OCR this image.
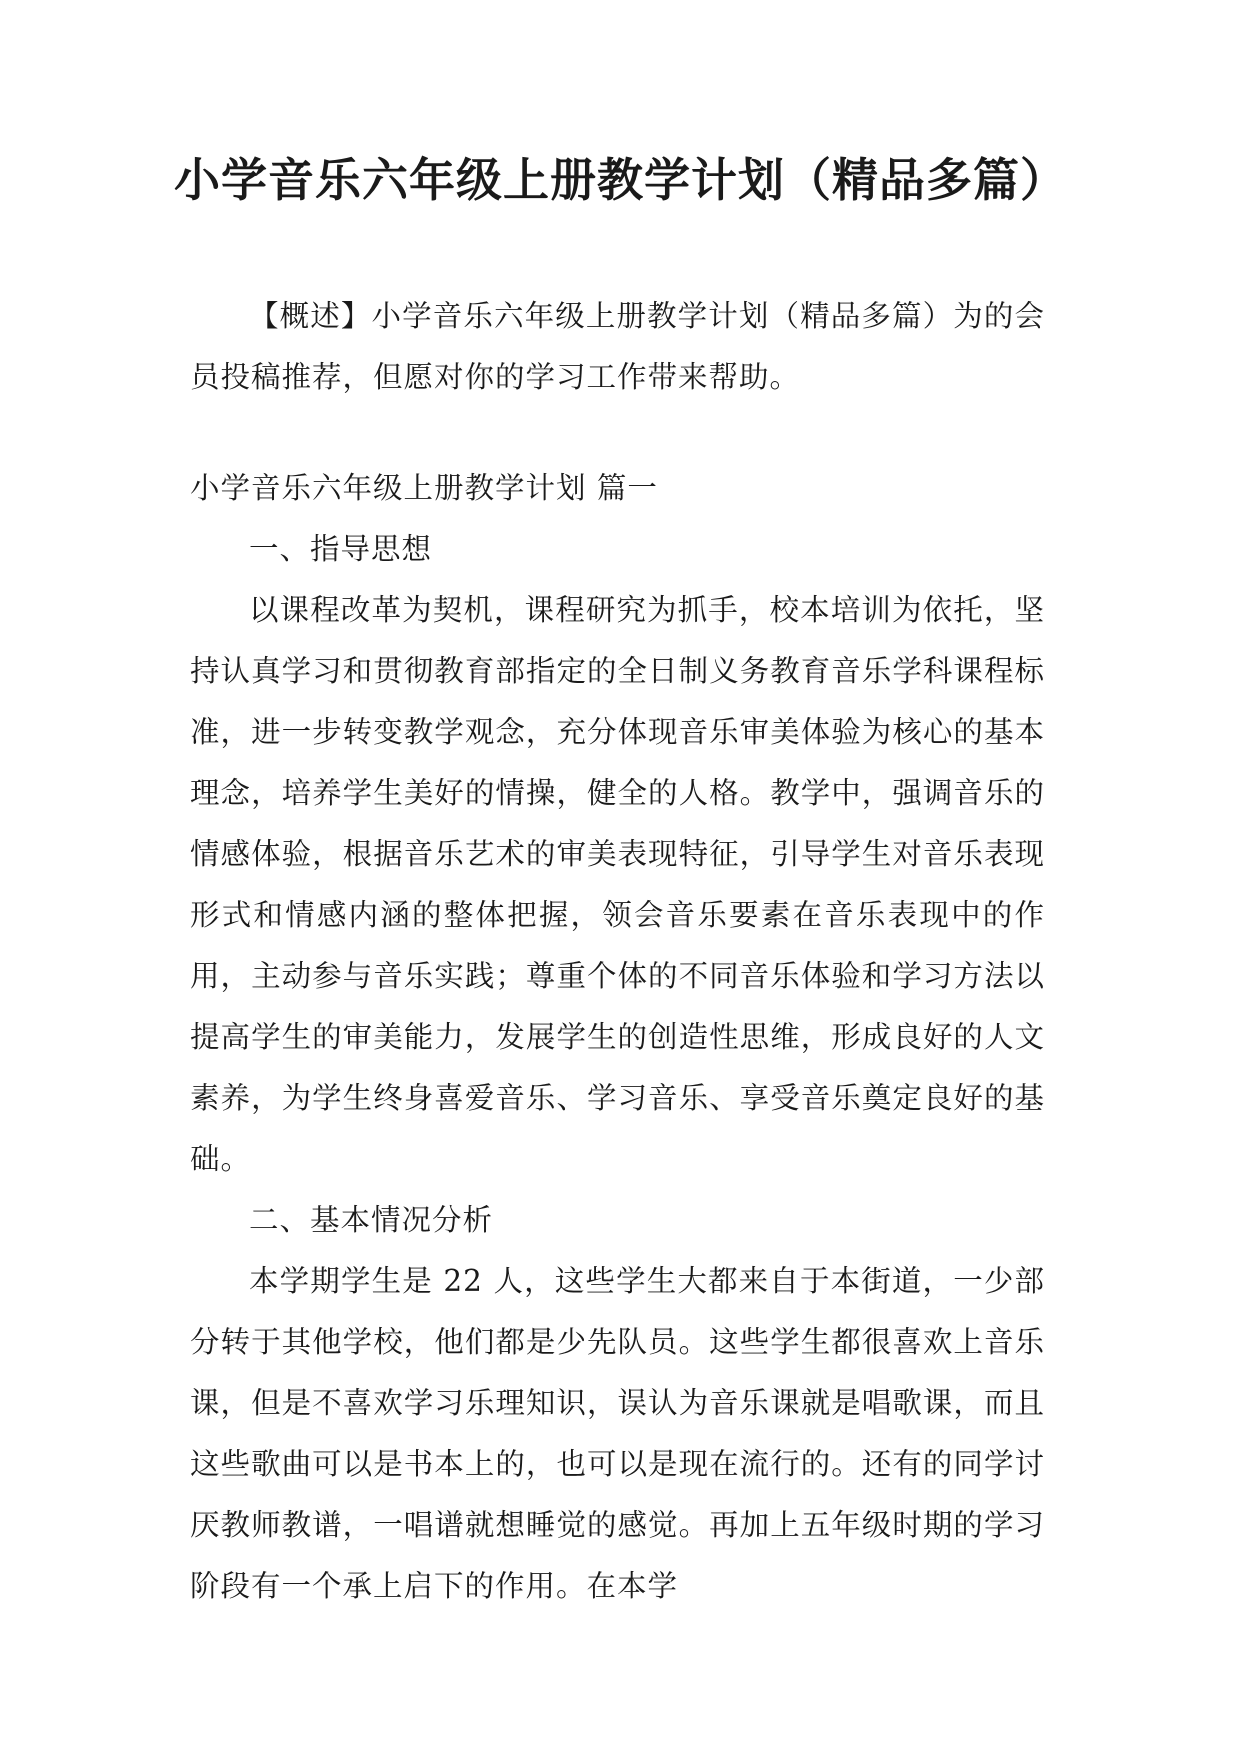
小学音乐六年级上册教学计划（精品多篇）

【概述】小学音乐六年级上册教学计划（精品多篇）为的会员投稿推荐，但愿对你的学习工作带来帮助。

小学音乐六年级上册教学计划 篇一

一、指导思想

以课程改革为契机，课程研究为抓手，校本培训为依托，坚持认真学习和贯彻教育部指定的全日制义务教育音乐学科课程标准，进一步转变教学观念，充分体现音乐审美体验为核心的基本理念，培养学生美好的情操，健全的人格。教学中，强调音乐的情感体验，根据音乐艺术的审美表现特征，引导学生对音乐表现形式和情感内涵的整体把握，领会音乐要素在音乐表现中的作用，主动参与音乐实践；尊重个体的不同音乐体验和学习方法以提高学生的审美能力，发展学生的创造性思维，形成良好的人文素养，为学生终身喜爱音乐、学习音乐、享受音乐奠定良好的基础。

二、基本情况分析

本学期学生是 22 人，这些学生大都来自于本街道，一少部分转于其他学校，他们都是少先队员。这些学生都很喜欢上音乐课，但是不喜欢学习乐理知识，误认为音乐课就是唱歌课，而且这些歌曲可以是书本上的，也可以是现在流行的。还有的同学讨厌教师教谱，一唱谱就想睡觉的感觉。再加上五年级时期的学习阶段有一个承上启下的作用。在本学
